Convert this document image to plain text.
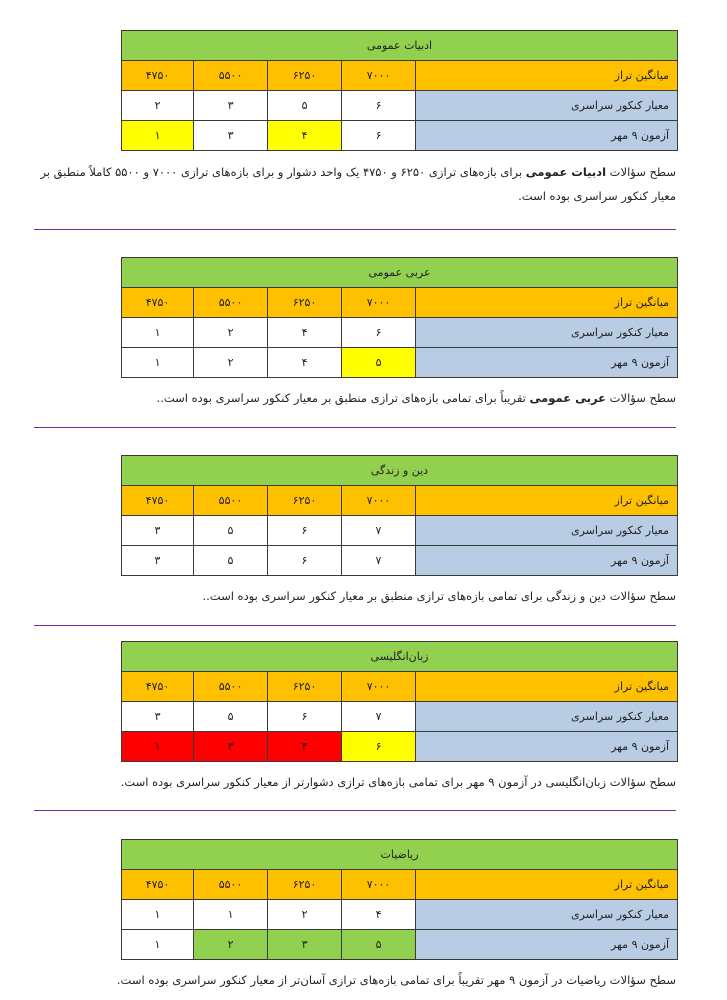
ادبیات عمومی				
میانگین تراز	۷۰۰۰	۶۲۵۰	۵۵۰۰	۴۷۵۰
معیار کنکور سراسری	۶	۵	۳	۲
آزمون ۹ مهر	۶	۴	۳	۱
سطح سؤالات ادبیات عمومی برای بازه‌های ترازی ۶۲۵۰ و ۴۷۵۰ یک واحد دشوار و برای بازه‌های ترازی ۷۰۰۰ و ۵۵۰۰ کاملاً منطبق بر معیار کنکور سراسری بوده است.
عربی عمومی				
میانگین تراز	۷۰۰۰	۶۲۵۰	۵۵۰۰	۴۷۵۰
معیار کنکور سراسری	۶	۴	۲	۱
آزمون ۹ مهر	۵	۴	۲	۱
سطح سؤالات عربی عمومی تقریباً برای تمامی بازه‌های ترازی منطبق بر معیار کنکور سراسری بوده است..
دین و زندگی				
میانگین تراز	۷۰۰۰	۶۲۵۰	۵۵۰۰	۴۷۵۰
معیار کنکور سراسری	۷	۶	۵	۳
آزمون ۹ مهر	۷	۶	۵	۳
سطح سؤالات دین و زندگی برای تمامی بازه‌های ترازی منطبق بر معیار کنکور سراسری بوده است..
زبان‌انگلیسی				
میانگین تراز	۷۰۰۰	۶۲۵۰	۵۵۰۰	۴۷۵۰
معیار کنکور سراسری	۷	۶	۵	۳
آزمون ۹ مهر	۶	۴	۳	۱
سطح سؤالات زبان‌انگلیسی در آزمون ۹ مهر برای تمامی بازه‌های ترازی دشوارتر از معیار کنکور سراسری بوده است.
ریاضیات				
میانگین تراز	۷۰۰۰	۶۲۵۰	۵۵۰۰	۴۷۵۰
معیار کنکور سراسری	۴	۲	۱	۱
آزمون ۹ مهر	۵	۳	۲	۱
سطح سؤالات ریاضیات در آزمون ۹ مهر تقریباً برای تمامی بازه‌های ترازی آسان‌تر از معیار کنکور سراسری بوده است.
